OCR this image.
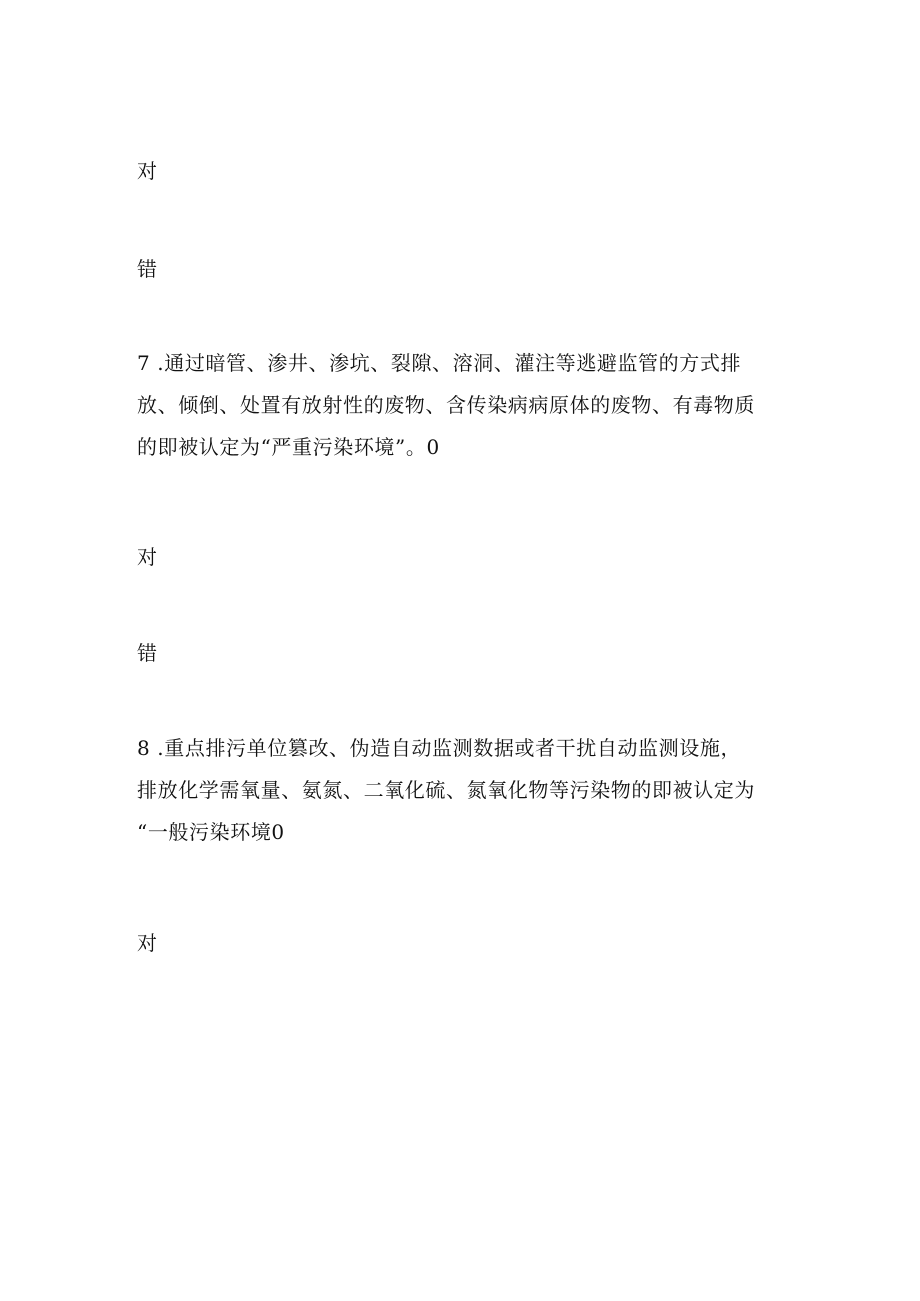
对
错
7 .通过暗管、渗井、渗坑、裂隙、溶洞、灌注等逃避监管的方式排
放、倾倒、处置有放射性的废物、含传染病病原体的废物、有毒物质
的即被认定为“严重污染环境”。0
对
错
8 .重点排污单位篡改、伪造自动监测数据或者干扰自动监测设施，
排放化学需氧量、氨氮、二氧化硫、氮氧化物等污染物的即被认定为
“一般污染环境0
对
